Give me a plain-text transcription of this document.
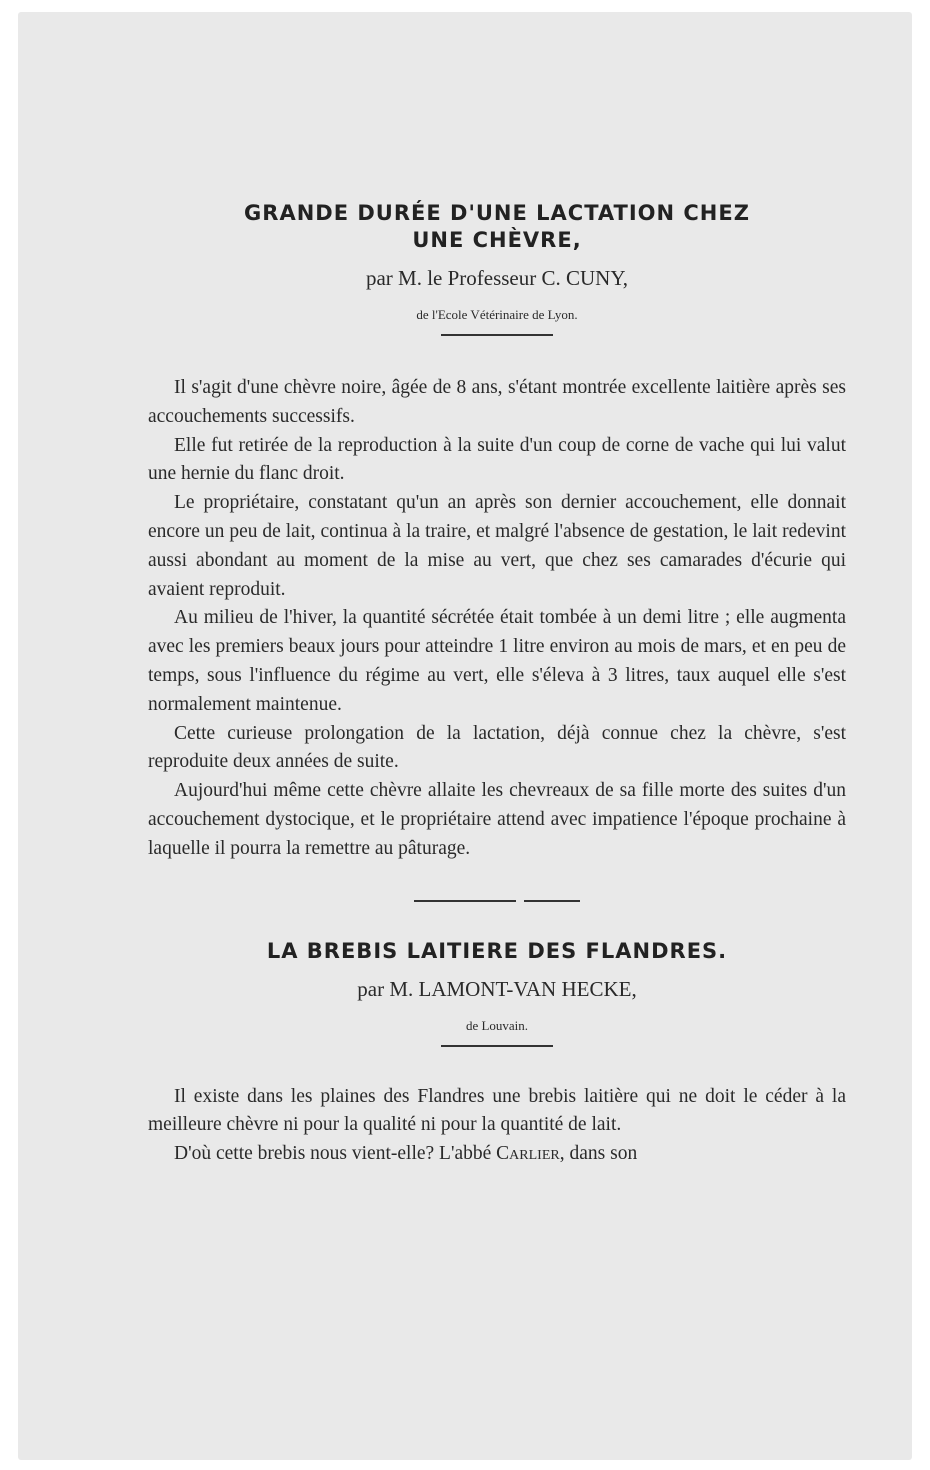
GRANDE DURÉE D'UNE LACTATION CHEZ
UNE CHÈVRE,

par M. le Professeur C. CUNY,

de l'Ecole Vétérinaire de Lyon.

Il s'agit d'une chèvre noire, âgée de 8 ans, s'étant montrée excellente laitière après ses accouchements successifs.

Elle fut retirée de la reproduction à la suite d'un coup de corne de vache qui lui valut une hernie du flanc droit.

Le propriétaire, constatant qu'un an après son dernier accouchement, elle donnait encore un peu de lait, continua à la traire, et malgré l'absence de gestation, le lait redevint aussi abondant au moment de la mise au vert, que chez ses camarades d'écurie qui avaient reproduit.

Au milieu de l'hiver, la quantité sécrétée était tombée à un demi litre ; elle augmenta avec les premiers beaux jours pour atteindre 1 litre environ au mois de mars, et en peu de temps, sous l'influence du régime au vert, elle s'éleva à 3 litres, taux auquel elle s'est normalement maintenue.

Cette curieuse prolongation de la lactation, déjà connue chez la chèvre, s'est reproduite deux années de suite.

Aujourd'hui même cette chèvre allaite les chevreaux de sa fille morte des suites d'un accouchement dystocique, et le propriétaire attend avec impatience l'époque prochaine à laquelle il pourra la remettre au pâturage.

LA BREBIS LAITIERE DES FLANDRES.

par M. LAMONT-VAN HECKE,

de Louvain.

Il existe dans les plaines des Flandres une brebis laitière qui ne doit le céder à la meilleure chèvre ni pour la qualité ni pour la quantité de lait.

D'où cette brebis nous vient-elle? L'abbé Carlier, dans son
